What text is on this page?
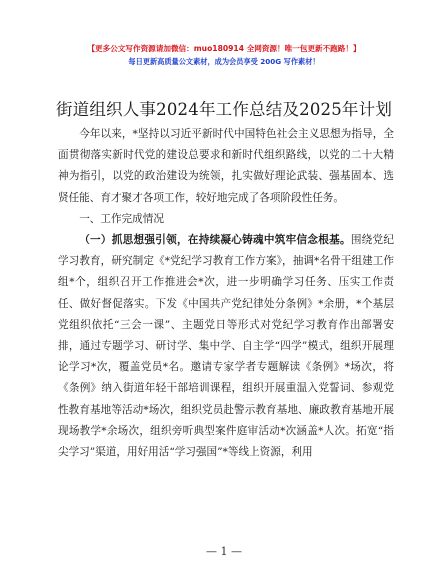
【更多公文写作资源请加微信：muo180914 全网资源！唯一包更新不跑路！】
每日更新高质量公文素材，成为会员享受 200G 写作素材！
街道组织人事2024年工作总结及2025年计划

今年以来，*坚持以习近平新时代中国特色社会主义思想为指导，全面贯彻落实新时代党的建设总要求和新时代组织路线，以党的二十大精神为指引，以党的政治建设为统领，扎实做好理论武装、强基固本、选贤任能、育才聚才各项工作，较好地完成了各项阶段性任务。

一、工作完成情况

（一）抓思想强引领，在持续凝心铸魂中筑牢信念根基。围绕党纪学习教育，研究制定《*党纪学习教育工作方案》，抽调*名骨干组建工作组*个，组织召开工作推进会*次，进一步明确学习任务、压实工作责任、做好督促落实。下发《中国共产党纪律处分条例》*余册，*个基层党组织依托“三会一课”、主题党日等形式对党纪学习教育作出部署安排，通过专题学习、研讨学、集中学、自主学“四学”模式，组织开展理论学习*次，覆盖党员*名。邀请专家学者专题解读《条例》*场次，将《条例》纳入街道年轻干部培训课程，组织开展重温入党誓词、参观党性教育基地等活动*场次，组织党员赴警示教育基地、廉政教育基地开展现场教学*余场次，组织旁听典型案件庭审活动*次涵盖*人次。拓宽“指尖学习”渠道，用好用活“学习强国”*等线上资源，利用

— 1 —
